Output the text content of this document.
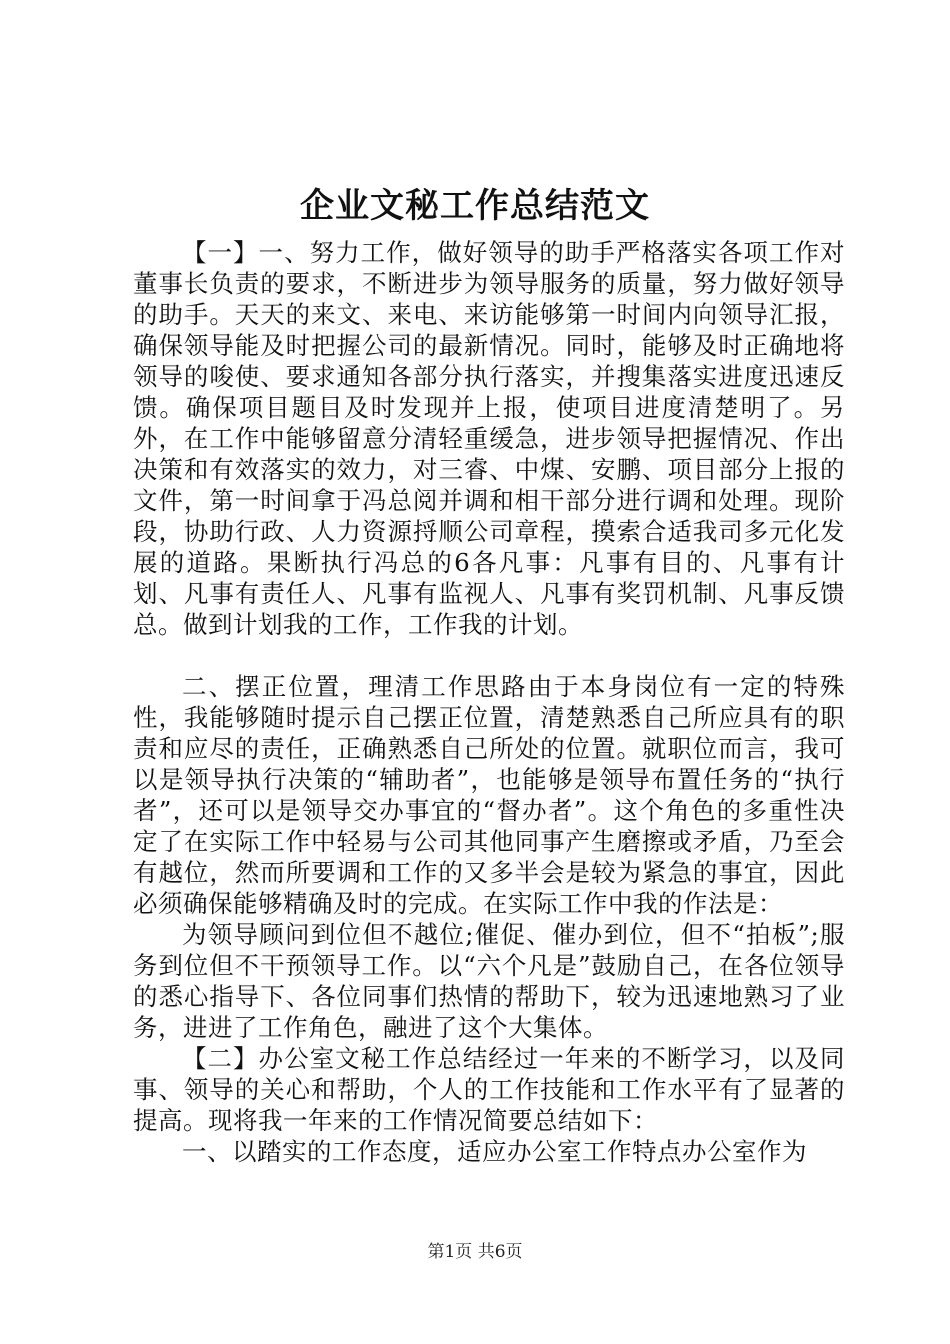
企业文秘工作总结范文

【一】一、努力工作，做好领导的助手严格落实各项工作对董事长负责的要求，不断进步为领导服务的质量，努力做好领导的助手。天天的来文、来电、来访能够第一时间内向领导汇报，确保领导能及时把握公司的最新情况。同时，能够及时正确地将领导的唆使、要求通知各部分执行落实，并搜集落实进度迅速反馈。确保项目题目及时发现并上报，使项目进度清楚明了。另外，在工作中能够留意分清轻重缓急，进步领导把握情况、作出决策和有效落实的效力，对三睿、中煤、安鹏、项目部分上报的文件，第一时间拿于冯总阅并调和相干部分进行调和处理。现阶段，协助行政、人力资源捋顺公司章程，摸索合适我司多元化发展的道路。果断执行冯总的6各凡事：凡事有目的、凡事有计划、凡事有责任人、凡事有监视人、凡事有奖罚机制、凡事反馈总。做到计划我的工作，工作我的计划。

二、摆正位置，理清工作思路由于本身岗位有一定的特殊性，我能够随时提示自己摆正位置，清楚熟悉自己所应具有的职责和应尽的责任，正确熟悉自己所处的位置。就职位而言，我可以是领导执行决策的“辅助者”，也能够是领导布置任务的“执行者”，还可以是领导交办事宜的“督办者”。这个角色的多重性决定了在实际工作中轻易与公司其他同事产生磨擦或矛盾，乃至会有越位，然而所要调和工作的又多半会是较为紧急的事宜，因此必须确保能够精确及时的完成。在实际工作中我的作法是：

为领导顾问到位但不越位;催促、催办到位，但不“拍板”;服务到位但不干预领导工作。以“六个凡是”鼓励自己，在各位领导的悉心指导下、各位同事们热情的帮助下，较为迅速地熟习了业务，进进了工作角色，融进了这个大集体。

【二】办公室文秘工作总结经过一年来的不断学习，以及同事、领导的关心和帮助，个人的工作技能和工作水平有了显著的提高。现将我一年来的工作情况简要总结如下：

一、以踏实的工作态度，适应办公室工作特点办公室作为

第1页 共6页
